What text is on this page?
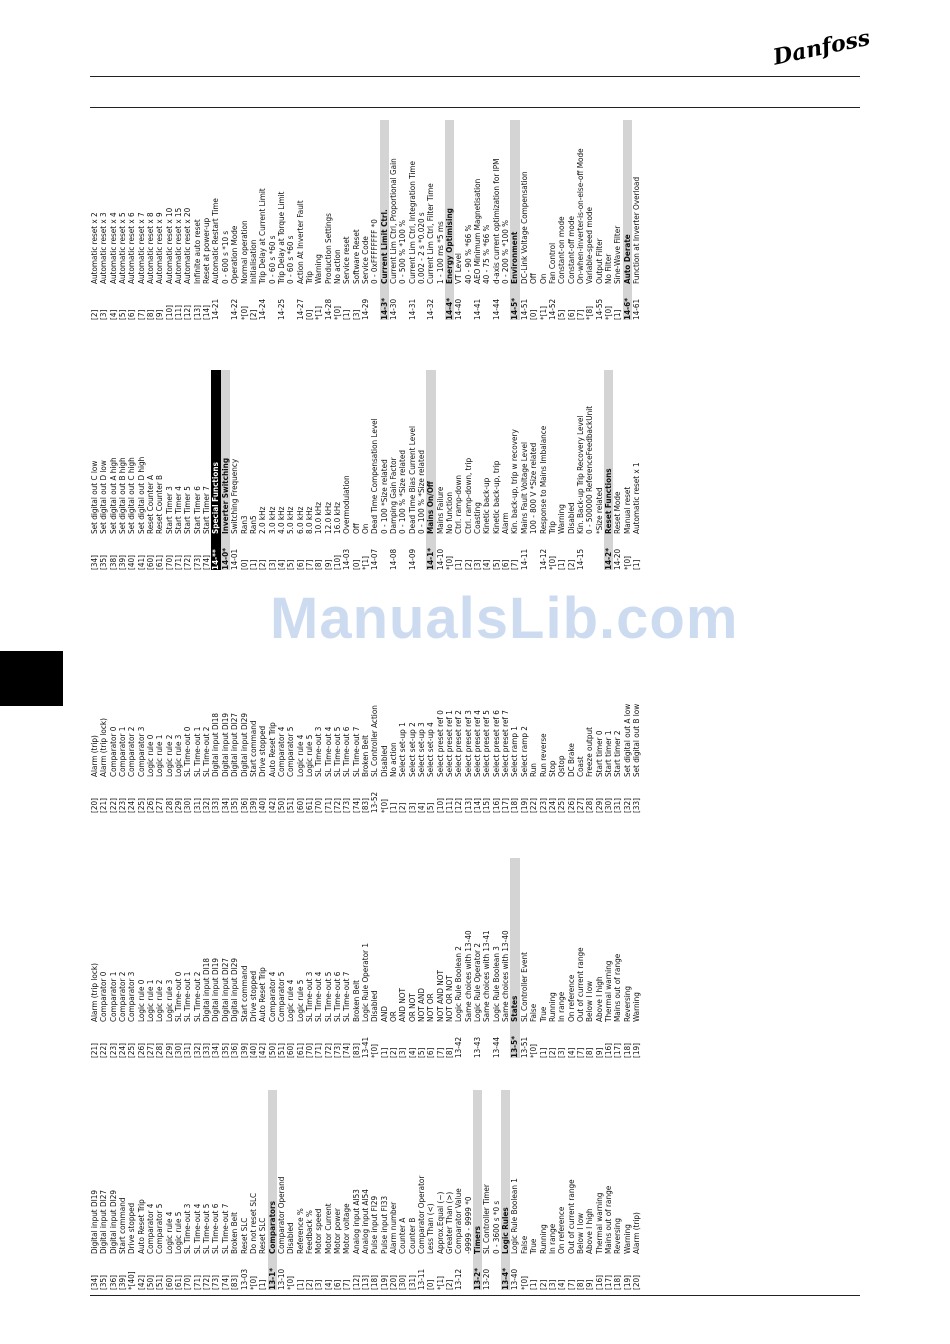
Danfoss
ManualsLib.com
[34]
Digital input DI19
[35]
Digital input DI27
[36]
Digital input DI29
[39]
Start command
*[40]
Drive stopped
[42]
Auto Reset Trip
[50]
Comparator 4
[51]
Comparator 5
[60]
Logic rule 4
[61]
Logic rule 5
[70]
SL Time-out 3
[71]
SL Time-out 4
[72]
SL Time-out 5
[73]
SL Time-out 6
[74]
SL Time-out 7
[83]
Broken Belt
13-03
Reset SLC
*[0]
Do not reset SLC
[1]
Reset SLC
13-1*
Comparators
13-10
Comparator Operand
*[0]
Disabled
[1]
Reference %
[2]
Feedback %
[3]
Motor speed
[4]
Motor Current
[6]
Motor power
[7]
Motor voltage
[12]
Analog input AI53
[13]
Analog input AI54
[18]
Pulse input FI29
[19]
Pulse input FI33
[20]
Alarm number
[30]
Counter A
[31]
Counter B
13-11
Comparator Operator
[0]
Less Than (<)
*[1]
Approx.Equal (~)
[2]
Greater Than (>)
13-12
Comparator Value -9999 - 9999 *0
13-2*
Timers
13-20
SL Controller Timer 0 - 3600 s *0 s
13-4*
Logic Rules
13-40
Logic Rule Boolean 1
*[0]
False
[1]
True
[2]
Running
[3]
In range
[4]
On reference
[7]
Out of current range
[8]
Below I low
[9]
Above I high
[16]
Thermal warning
[17]
Mains out of range
[18]
Reversing
[19]
Warning
[20]
Alarm (trip)
[21]
Alarm (trip lock)
[22]
Comparator 0
[23]
Comparator 1
[24]
Comparator 2
[25]
Comparator 3
[26]
Logic rule 0
[27]
Logic rule 1
[28]
Logic rule 2
[29]
Logic rule 3
[30]
SL Time-out 0
[31]
SL Time-out 1
[32]
SL Time-out 2
[33]
Digital input DI18
[34]
Digital input DI19
[35]
Digital input DI27
[36]
Digital input DI29
[39]
Start command
[40]
Drive stopped
[42]
Auto Reset Trip
[50]
Comparator 4
[51]
Comparator 5
[60]
Logic rule 4
[61]
Logic rule 5
[70]
SL Time-out 3
[71]
SL Time-out 4
[72]
SL Time-out 5
[73]
SL Time-out 6
[74]
SL Time-out 7
[83]
Broken Belt
13-41
Logic Rule Operator 1
*[0]
Disabled
[1]
AND
[2]
OR
[3]
AND NOT
[4]
OR NOT
[5]
NOT AND
[6]
NOT OR
[7]
NOT AND NOT
[8]
NOT OR NOT
13-42
Logic Rule Boolean 2 Same choices with 13-40
13-43
Logic Rule Operator 2 Same choices with 13-41
13-44
Logic Rule Boolean 3 Same choices with 13-40
13-5*
States
13-51
SL Controller Event
*[0]
False
[1]
True
[2]
Running
[3]
In range
[4]
On reference
[7]
Out of current range
[8]
Below I low
[9]
Above I high
[16]
Thermal warning
[17]
Mains out of range
[18]
Reversing
[19]
Warning
[20]
Alarm (trip)
[21]
Alarm (trip lock)
[22]
Comparator 0
[23]
Comparator 1
[24]
Comparator 2
[25]
Comparator 3
[26]
Logic rule 0
[27]
Logic rule 1
[28]
Logic rule 2
[29]
Logic rule 3
[30]
SL Time-out 0
[31]
SL Time-out 1
[32]
SL Time-out 2
[33]
Digital input DI18
[34]
Digital input DI19
[35]
Digital input DI27
[36]
Digital input DI29
[39]
Start command
[40]
Drive stopped
[42]
Auto Reset Trip
[50]
Comparator 4
[51]
Comparator 5
[60]
Logic rule 4
[61]
Logic rule 5
[70]
SL Time-out 3
[71]
SL Time-out 4
[72]
SL Time-out 5
[73]
SL Time-out 6
[74]
SL Time-out 7
[83]
Broken Belt
13-52
SL Controller Action
*[0]
Disabled
[1]
No action
[2]
Select set-up 1
[3]
Select set-up 2
[4]
Select set-up 3
[5]
Select set-up 4
[10]
Select preset ref 0
[11]
Select preset ref 1
[12]
Select preset ref 2
[13]
Select preset ref 3
[14]
Select preset ref 4
[15]
Select preset ref 5
[16]
Select preset ref 6
[17]
Select preset ref 7
[18]
Select ramp 1
[19]
Select ramp 2
[22]
Run
[23]
Run reverse
[24]
Stop
[25]
Qstop
[26]
DC Brake
[27]
Coast
[28]
Freeze output
[29]
Start timer 0
[30]
Start timer 1
[31]
Start timer 2
[32]
Set digital out A low
[33]
Set digital out B low
[34]
Set digital out C low
[35]
Set digital out D low
[38]
Set digital out A high
[39]
Set digital out B high
[40]
Set digital out C high
[41]
Set digital out D high
[60]
Reset Counter A
[61]
Reset Counter B
[70]
Start Timer 3
[71]
Start Timer 4
[72]
Start Timer 5
[73]
Start Timer 6
[74]
Start Timer 7
14-**
Special Functions
14-0*
Inverter Switching
14-01
Switching Frequency
[0]
Ran3
[1]
Ran5
[2]
2.0 kHz
[3]
3.0 kHz
[4]
4.0 kHz
[5]
5.0 kHz
[6]
6.0 kHz
[7]
8.0 kHz
[8]
10.0 kHz
[9]
12.0 kHz
[10]
16.0 kHz
14-03
Overmodulation
[0]
Off
*[1]
On
14-07
Dead Time Compensation Level 0 - 100 *Size related
14-08
Damping Gain Factor 0 - 100 % *Size related
14-09
Dead Time Bias Current Level 0 - 100 % *Size related
14-1*
Mains On/Off
14-10
Mains Failure
*[0]
No function
[1]
Ctrl. ramp-down
[2]
Ctrl. ramp-down, trip
[3]
Coasting
[4]
Kinetic back-up
[5]
Kinetic back-up, trip
[6]
Alarm
[7]
Kin. back-up, trip w recovery
14-11
Mains Fault Voltage Level 100 - 800 V *Size related
14-12
Response to Mains Imbalance
*[0]
Trip
[1]
Warning
[2]
Disabled
14-15
Kin. Back-up Trip Recovery Level 0 - 500000 ReferenceFeedbackUnit *Size related
14-2*
Reset Functions
14-20
Reset Mode
*[0]
Manual reset
[1]
Automatic reset x 1
[2]
Automatic reset x 2
[3]
Automatic reset x 3
[4]
Automatic reset x 4
[5]
Automatic reset x 5
[6]
Automatic reset x 6
[7]
Automatic reset x 7
[8]
Automatic reset x 8
[9]
Automatic reset x 9
[10]
Automatic reset x 10
[11]
Automatic reset x 15
[12]
Automatic reset x 20
[13]
Infinite auto reset
[14]
Reset at power-up
14-21
Automatic Restart Time 0 - 600 s *10 s
14-22
Operation Mode
*[0]
Normal operation
[2]
Initialisation
14-24
Trip Delay at Current Limit 0 - 60 s *60 s
14-25
Trip Delay at Torque Limit 0 - 60 s *60 s
14-27
Action At Inverter Fault
[0]
Trip
*[1]
Warning
14-28
Production Settings
*[0]
No action
[1]
Service reset
[3]
Software Reset
14-29
Service Code 0 - 0xFFFFFFFF *0
14-3*
Current Limit Ctrl.
14-30
Current Lim Ctrl, Proportional Gain 0 - 500 % *100 %
14-31
Current Lim Ctrl, Integration Time 0.002 - 2 s *0.020 s
14-32
Current Lim Ctrl, Filter Time 1 - 100 ms *5 ms
14-4*
Energy Optimising
14-40
VT Level 40 - 90 % *66 %
14-41
AEO Minimum Magnetisation 40 - 75 % *66 %
14-44
d-axis current optimization for IPM 0 - 200 % *100 %
14-5*
Environment
14-51
DC-Link Voltage Compensation
[0]
Off
*[1]
On
14-52
Fan Control
[5]
Constant-on mode
[6]
Constant-off mode
[7]
On-when-inverter-is-on-else-off Mode
*[8]
Variable-speed mode
14-55
Output Filter
*[0]
No Filter
[1]
Sine-Wave Filter
14-6*
Auto Derate
14-61
Function at Inverter Overload
